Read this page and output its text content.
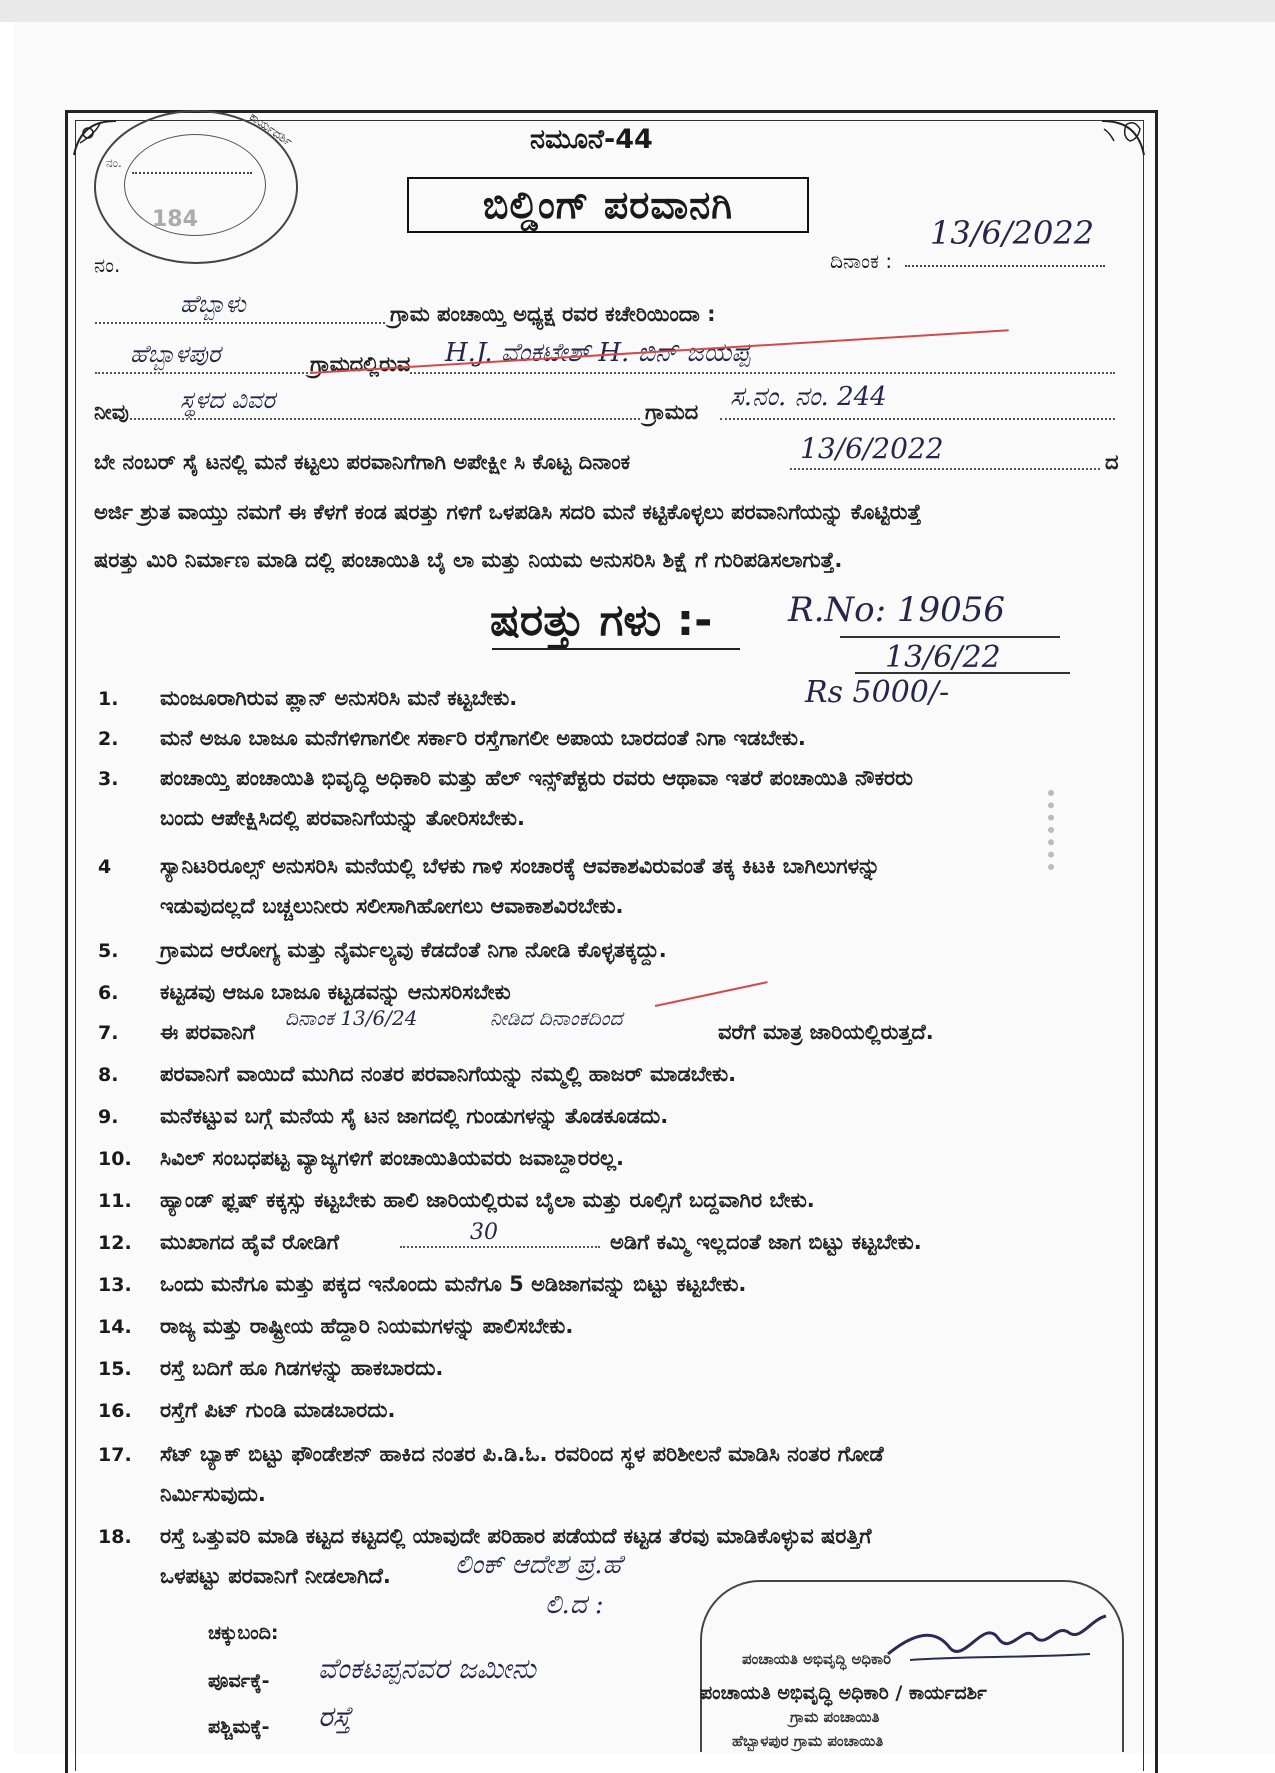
ಕಾರ್ಯದರ್ಶಿ
ನಂ.
184
ನಮೂನೆ-44
ಬಿಲ್ಡಿಂಗ್ ಪರವಾನಗಿ
ನಂ.	ದಿನಾಂಕ :
13/6/2022
ಹೆಬ್ಬಾಳು	ಗ್ರಾಮ ಪಂಚಾಯ್ತಿ ಅಧ್ಯಕ್ಷ ರವರ ಕಚೇರಿಯಿಂದಾ :
ಹೆಬ್ಬಾಳಪುರ	ಗ್ರಾಮದಲ್ಲಿರುವ H.J. ವೆಂಕಟೇಶ್ H. ಬಿನ್ ಜಯಪ್ಪ
ನೀವು ಸ್ಥಳದ ವಿವರ	ಗ್ರಾಮದ ಸ.ನಂ. ನಂ. 244
ಬೇ ನಂಬರ್ ಸೈ ಟನಲ್ಲಿ ಮನೆ ಕಟ್ಟಲು ಪರವಾನಿಗೆಗಾಗಿ ಅಪೇಕ್ಷೀ ಸಿ ಕೊಟ್ಟ ದಿನಾಂಕ	13/6/2022	ದ
ಅರ್ಜಿ ಶ್ರುತ ವಾಯ್ತು ನಮಗೆ ಈ ಕೆಳಗೆ ಕಂಡ ಷರತ್ತು ಗಳಿಗೆ ಒಳಪಡಿಸಿ ಸದರಿ ಮನೆ ಕಟ್ಟಿಕೊಳ್ಳಲು ಪರವಾನಿಗೆಯನ್ನು ಕೊಟ್ಟಿರುತ್ತೆ
ಷರತ್ತು ಮಿರಿ ನಿರ್ಮಾಣ ಮಾಡಿ ದಲ್ಲಿ ಪಂಚಾಯಿತಿ ಬೈ ಲಾ ಮತ್ತು ನಿಯಮ ಅನುಸರಿಸಿ ಶಿಕ್ಷೆ ಗೆ ಗುರಿಪಡಿಸಲಾಗುತ್ತೆ.
ಷರತ್ತು ಗಳು :- R.No: 19056
13/6/22
Rs 5000/-
1. ಮಂಜೂರಾಗಿರುವ ಪ್ಲಾನ್ ಅನುಸರಿಸಿ ಮನೆ ಕಟ್ಟಬೇಕು.
2. ಮನೆ ಅಜೂ ಬಾಜೂ ಮನೆಗಳಿಗಾಗಲೀ ಸರ್ಕಾರಿ ರಸ್ತೆಗಾಗಲೀ ಅಪಾಯ ಬಾರದಂತೆ ನಿಗಾ ಇಡಬೇಕು.
3. ಪಂಚಾಯ್ತಿ ಪಂಚಾಯಿತಿ ಭಿವೃದ್ಧಿ ಅಧಿಕಾರಿ ಮತ್ತು ಹೆಲ್ ಇನ್ಸ್‌ಪೆಕ್ಟರು ರವರು ಆಥಾವಾ ಇತರೆ ಪಂಚಾಯಿತಿ ನೌಕರರು
ಬಂದು ಆಪೇಕ್ಷಿಸಿದಲ್ಲಿ ಪರವಾನಿಗೆಯನ್ನು ತೋರಿಸಬೇಕು.
4 ಸ್ಯಾನಿಟರಿರೂಲ್ಸ್ ಅನುಸರಿಸಿ ಮನೆಯಲ್ಲಿ ಬೆಳಕು ಗಾಳಿ ಸಂಚಾರಕ್ಕೆ ಆವಕಾಶವಿರುವಂತೆ ತಕ್ಕ ಕಿಟಕಿ ಬಾಗಿಲುಗಳನ್ನು
ಇಡುವುದಲ್ಲದೆ ಬಚ್ಚಲುನೀರು ಸಲೀಸಾಗಿಹೋಗಲು ಆವಾಕಾಶವಿರಬೇಕು.
5. ಗ್ರಾಮದ ಆರೋಗ್ಯ ಮತ್ತು ನೈರ್ಮಲ್ಯವು ಕೆಡದೆಂತೆ ನಿಗಾ ನೋಡಿ ಕೊಳ್ಳತಕ್ಕದ್ದು.
6. ಕಟ್ಟಡವು ಆಜೂ ಬಾಜೂ ಕಟ್ಟಡವನ್ನು ಆನುಸರಿಸಬೇಕು
7. ಈ ಪರವಾನಿಗೆ
ದಿನಾಂಕ 13/6/24	ನೀಡಿದ ದಿನಾಂಕದಿಂದ
ವರೆಗೆ ಮಾತ್ರ ಜಾರಿಯಲ್ಲಿರುತ್ತದೆ.
8. ಪರವಾನಿಗೆ ವಾಯಿದೆ ಮುಗಿದ ನಂತರ ಪರವಾನಿಗೆಯನ್ನು ನಮ್ಮಲ್ಲಿ ಹಾಜರ್ ಮಾಡಬೇಕು.
9. ಮನೆಕಟ್ಟುವ ಬಗ್ಗೆ ಮನೆಯ ಸೈ ಟನ ಜಾಗದಲ್ಲಿ ಗುಂಡುಗಳನ್ನು ತೊಡಕೂಡದು.
10. ಸಿವಿಲ್ ಸಂಬಧಪಟ್ಟ ವ್ಯಾಜ್ಯಗಳಿಗೆ ಪಂಚಾಯಿತಿಯವರು ಜವಾಬ್ದಾರರಲ್ಲ.
11. ಹ್ಯಾಂಡ್ ಫ್ಲಷ್ ಕಕ್ಕಸ್ಸು ಕಟ್ಟಬೇಕು ಹಾಲಿ ಜಾರಿಯಲ್ಲಿರುವ ಬೈಲಾ ಮತ್ತು ರೂಲ್ಸಿಗೆ ಬದ್ದವಾಗಿರ ಬೇಕು.
12. ಮುಖಾಗದ ಹೈವೆ ರೋಡಿಗೆ	30	ಅಡಿಗೆ ಕಮ್ಮಿ ಇಲ್ಲದಂತೆ ಜಾಗ ಬಿಟ್ಟು ಕಟ್ಟಬೇಕು.
13. ಒಂದು ಮನೆಗೂ ಮತ್ತು ಪಕ್ಕದ ಇನೊಂದು ಮನೆಗೂ 5 ಅಡಿಜಾಗವನ್ನು ಬಿಟ್ಟು ಕಟ್ಟಬೇಕು.
14. ರಾಜ್ಯ ಮತ್ತು ರಾಷ್ಟ್ರೀಯ ಹೆದ್ದಾರಿ ನಿಯಮಗಳನ್ನು ಪಾಲಿಸಬೇಕು.
15. ರಸ್ತೆ ಬದಿಗೆ ಹೂ ಗಿಡಗಳನ್ನು ಹಾಕಬಾರದು.
16. ರಸ್ತೆಗೆ ಪಿಟ್ ಗುಂಡಿ ಮಾಡಬಾರದು.
17. ಸೆಟ್ ಬ್ಯಾಕ್ ಬಿಟ್ಟು ಫೌಂಡೇಶನ್ ಹಾಕಿದ ನಂತರ ಪಿ.ಡಿ.ಓ. ರವರಿಂದ ಸ್ಥಳ ಪರಿಶೀಲನೆ ಮಾಡಿಸಿ ನಂತರ ಗೋಡೆ
ನಿರ್ಮಿಸುವುದು.
18. ರಸ್ತೆ ಒತ್ತುವರಿ ಮಾಡಿ ಕಟ್ಟದ ಕಟ್ಟದಲ್ಲಿ ಯಾವುದೇ ಪರಿಹಾರ ಪಡೆಯದೆ ಕಟ್ಟಡ ತೆರವು ಮಾಡಿಕೊಳ್ಳುವ ಷರತ್ತಿಗೆ
ಒಳಪಟ್ಟು ಪರವಾನಿಗೆ ನೀಡಲಾಗಿದೆ. ಲಿಂಕ್ ಆದೇಶ ಪ್ರ.ಹೆ
ಲಿ.ದ :
ಚಕ್ಕುಬಂದಿ:
ಪೂರ್ವಕ್ಕೆ- ವೆಂಕಟಪ್ಪನವರ ಜಮೀನು
ಪಶ್ಚಿಮಕ್ಕೆ- ರಸ್ತೆ
ಪಂಚಾಯತಿ ಅಭಿವೃದ್ಧಿ ಅಧಿಕಾರಿ
ಪಂಚಾಯತಿ ಅಭಿವೃದ್ಧಿ ಅಧಿಕಾರಿ / ಕಾರ್ಯದರ್ಶಿ
ಗ್ರಾಮ ಪಂಚಾಯಿತಿ
ಹೆಬ್ಬಾಳಪುರ ಗ್ರಾಮ ಪಂಚಾಯಿತಿ
